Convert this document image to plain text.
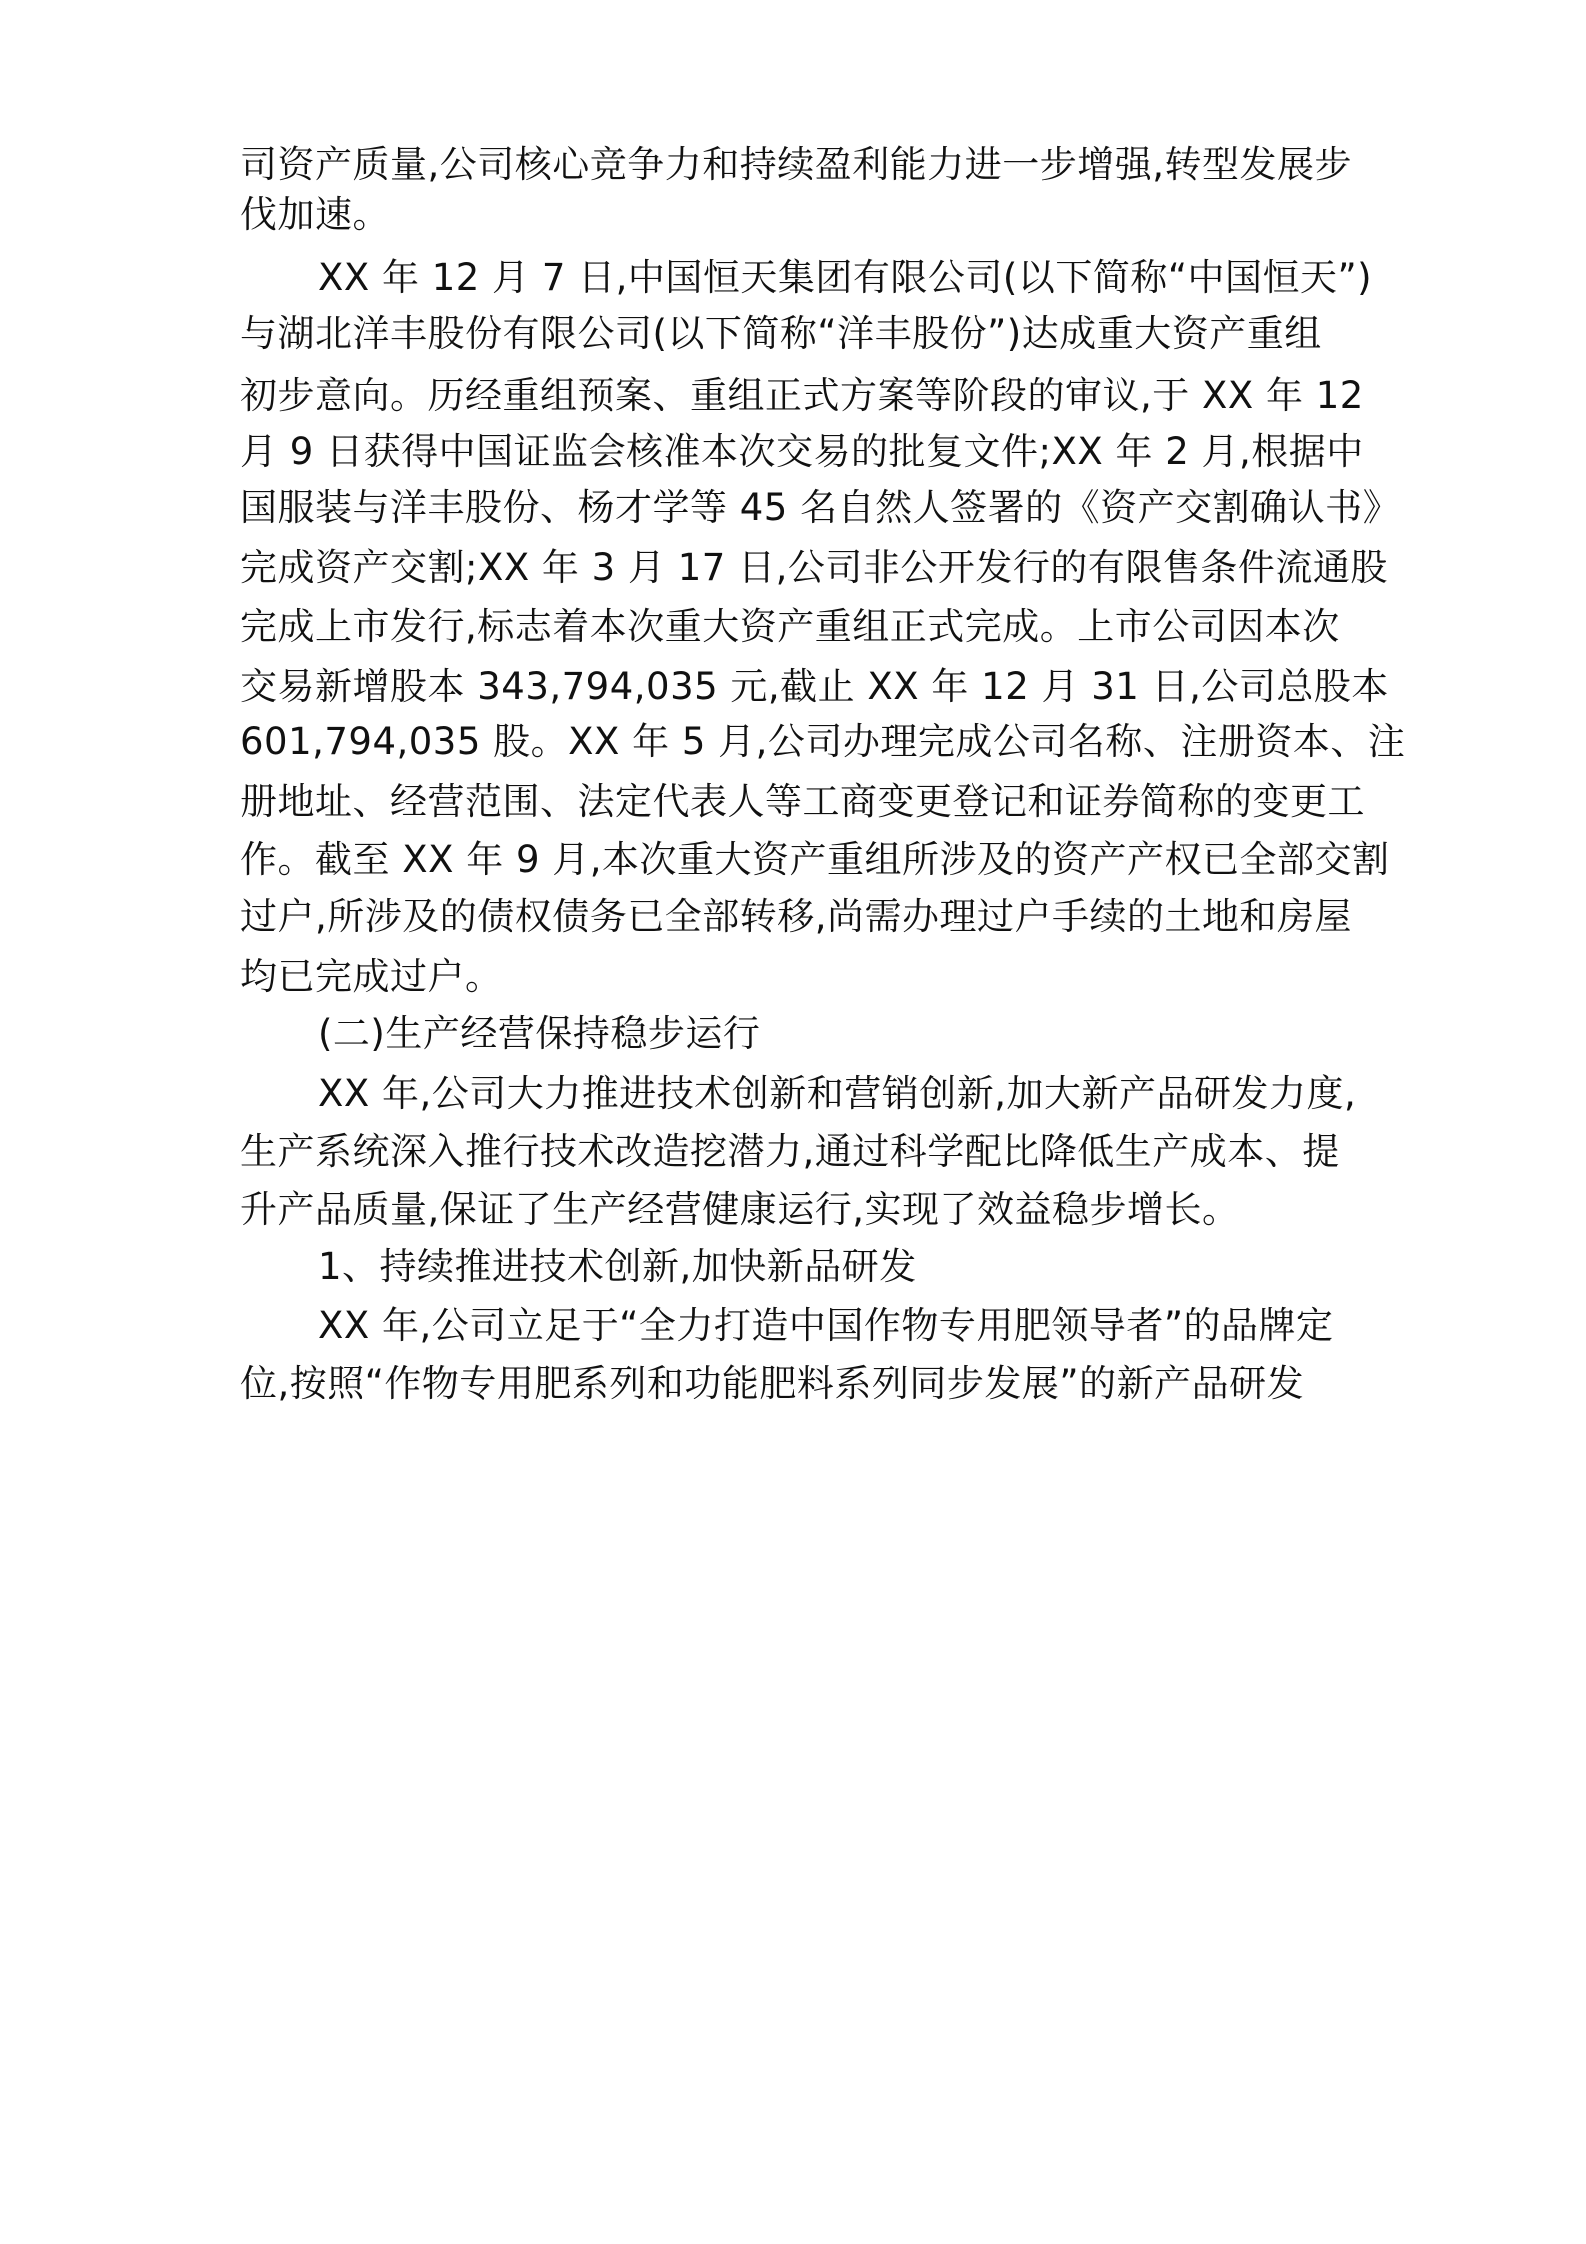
司资产质量,公司核心竞争力和持续盈利能力进一步增强,转型发展步
伐加速。
XX 年 12 月 7 日,中国恒天集团有限公司(以下简称“中国恒天”)
与湖北洋丰股份有限公司(以下简称“洋丰股份”)达成重大资产重组
初步意向。历经重组预案、重组正式方案等阶段的审议,于 XX 年 12
月 9 日获得中国证监会核准本次交易的批复文件;XX 年 2 月,根据中
国服装与洋丰股份、杨才学等 45 名自然人签署的《资产交割确认书》
完成资产交割;XX 年 3 月 17 日,公司非公开发行的有限售条件流通股
完成上市发行,标志着本次重大资产重组正式完成。上市公司因本次
交易新增股本 343,794,035 元,截止 XX 年 12 月 31 日,公司总股本
601,794,035 股。XX 年 5 月,公司办理完成公司名称、注册资本、注
册地址、经营范围、法定代表人等工商变更登记和证券简称的变更工
作。截至 XX 年 9 月,本次重大资产重组所涉及的资产产权已全部交割
过户,所涉及的债权债务已全部转移,尚需办理过户手续的土地和房屋
均已完成过户。
(二)生产经营保持稳步运行
XX 年,公司大力推进技术创新和营销创新,加大新产品研发力度,
生产系统深入推行技术改造挖潜力,通过科学配比降低生产成本、提
升产品质量,保证了生产经营健康运行,实现了效益稳步增长。
1、持续推进技术创新,加快新品研发
XX 年,公司立足于“全力打造中国作物专用肥领导者”的品牌定
位,按照“作物专用肥系列和功能肥料系列同步发展”的新产品研发
